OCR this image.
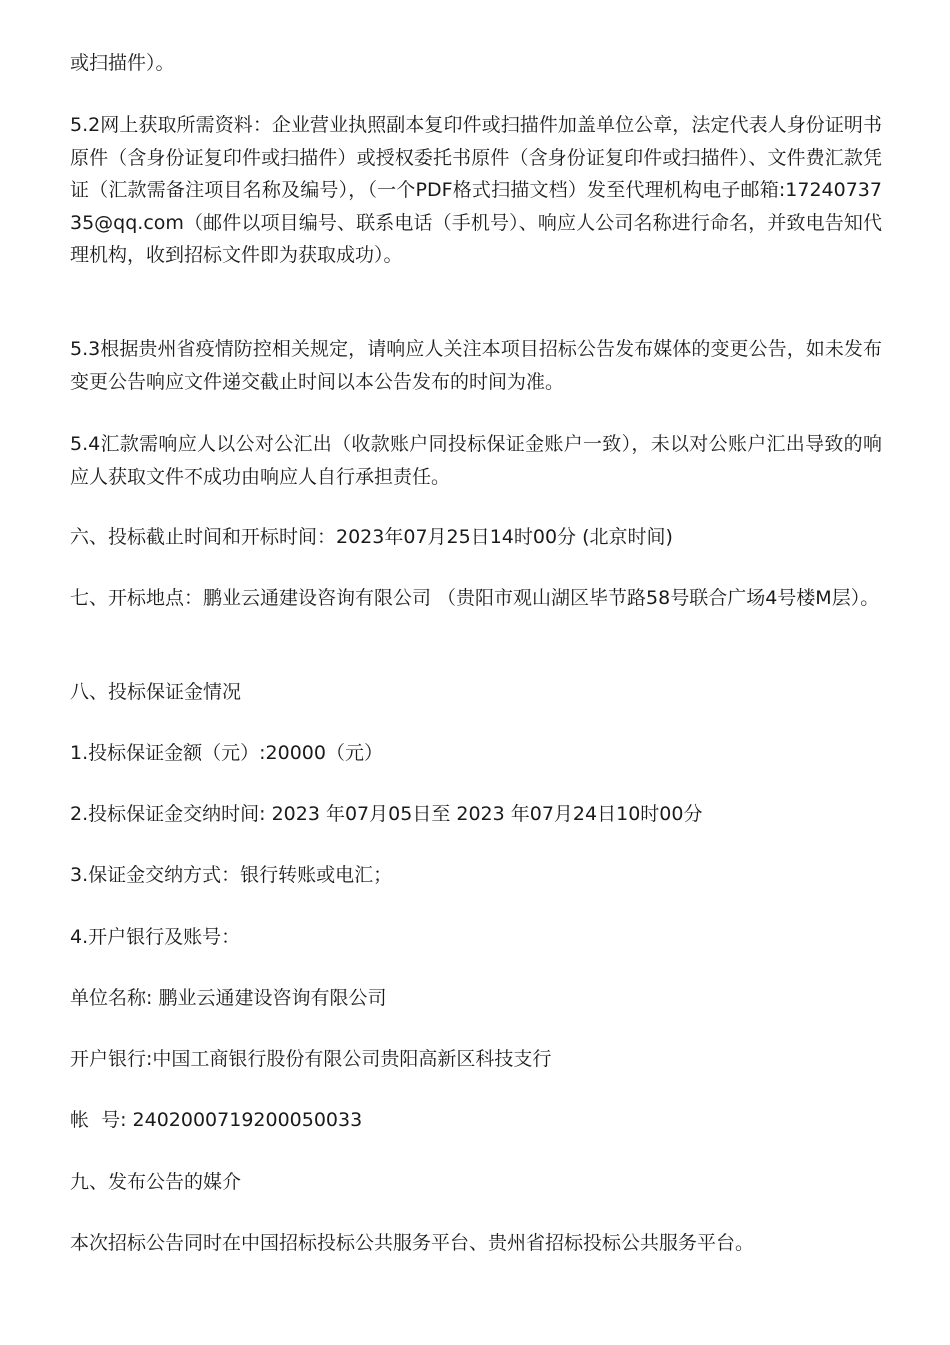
或扫描件）。

5.2网上获取所需资料：企业营业执照副本复印件或扫描件加盖单位公章，法定代表人身份证明书原件（含身份证复印件或扫描件）或授权委托书原件（含身份证复印件或扫描件）、文件费汇款凭证（汇款需备注项目名称及编号），（一个PDF格式扫描文档）发至代理机构电子邮箱:1724073735@qq.com（邮件以项目编号、联系电话（手机号）、响应人公司名称进行命名，并致电告知代理机构，收到招标文件即为获取成功）。

5.3根据贵州省疫情防控相关规定，请响应人关注本项目招标公告发布媒体的变更公告，如未发布变更公告响应文件递交截止时间以本公告发布的时间为准。

5.4汇款需响应人以公对公汇出（收款账户同投标保证金账户一致），未以对公账户汇出导致的响应人获取文件不成功由响应人自行承担责任。

六、投标截止时间和开标时间：2023年07月25日14时00分 (北京时间)

七、开标地点：鹏业云通建设咨询有限公司 （贵阳市观山湖区毕节路58号联合广场4号楼M层）。

八、投标保证金情况

1.投标保证金额（元）:20000（元）

2.投标保证金交纳时间: 2023 年07月05日至 2023 年07月24日10时00分

3.保证金交纳方式：银行转账或电汇；

4.开户银行及账号：

单位名称: 鹏业云通建设咨询有限公司

开户银行:中国工商银行股份有限公司贵阳高新区科技支行

帐  号: 2402000719200050033

九、发布公告的媒介

本次招标公告同时在中国招标投标公共服务平台、贵州省招标投标公共服务平台。
